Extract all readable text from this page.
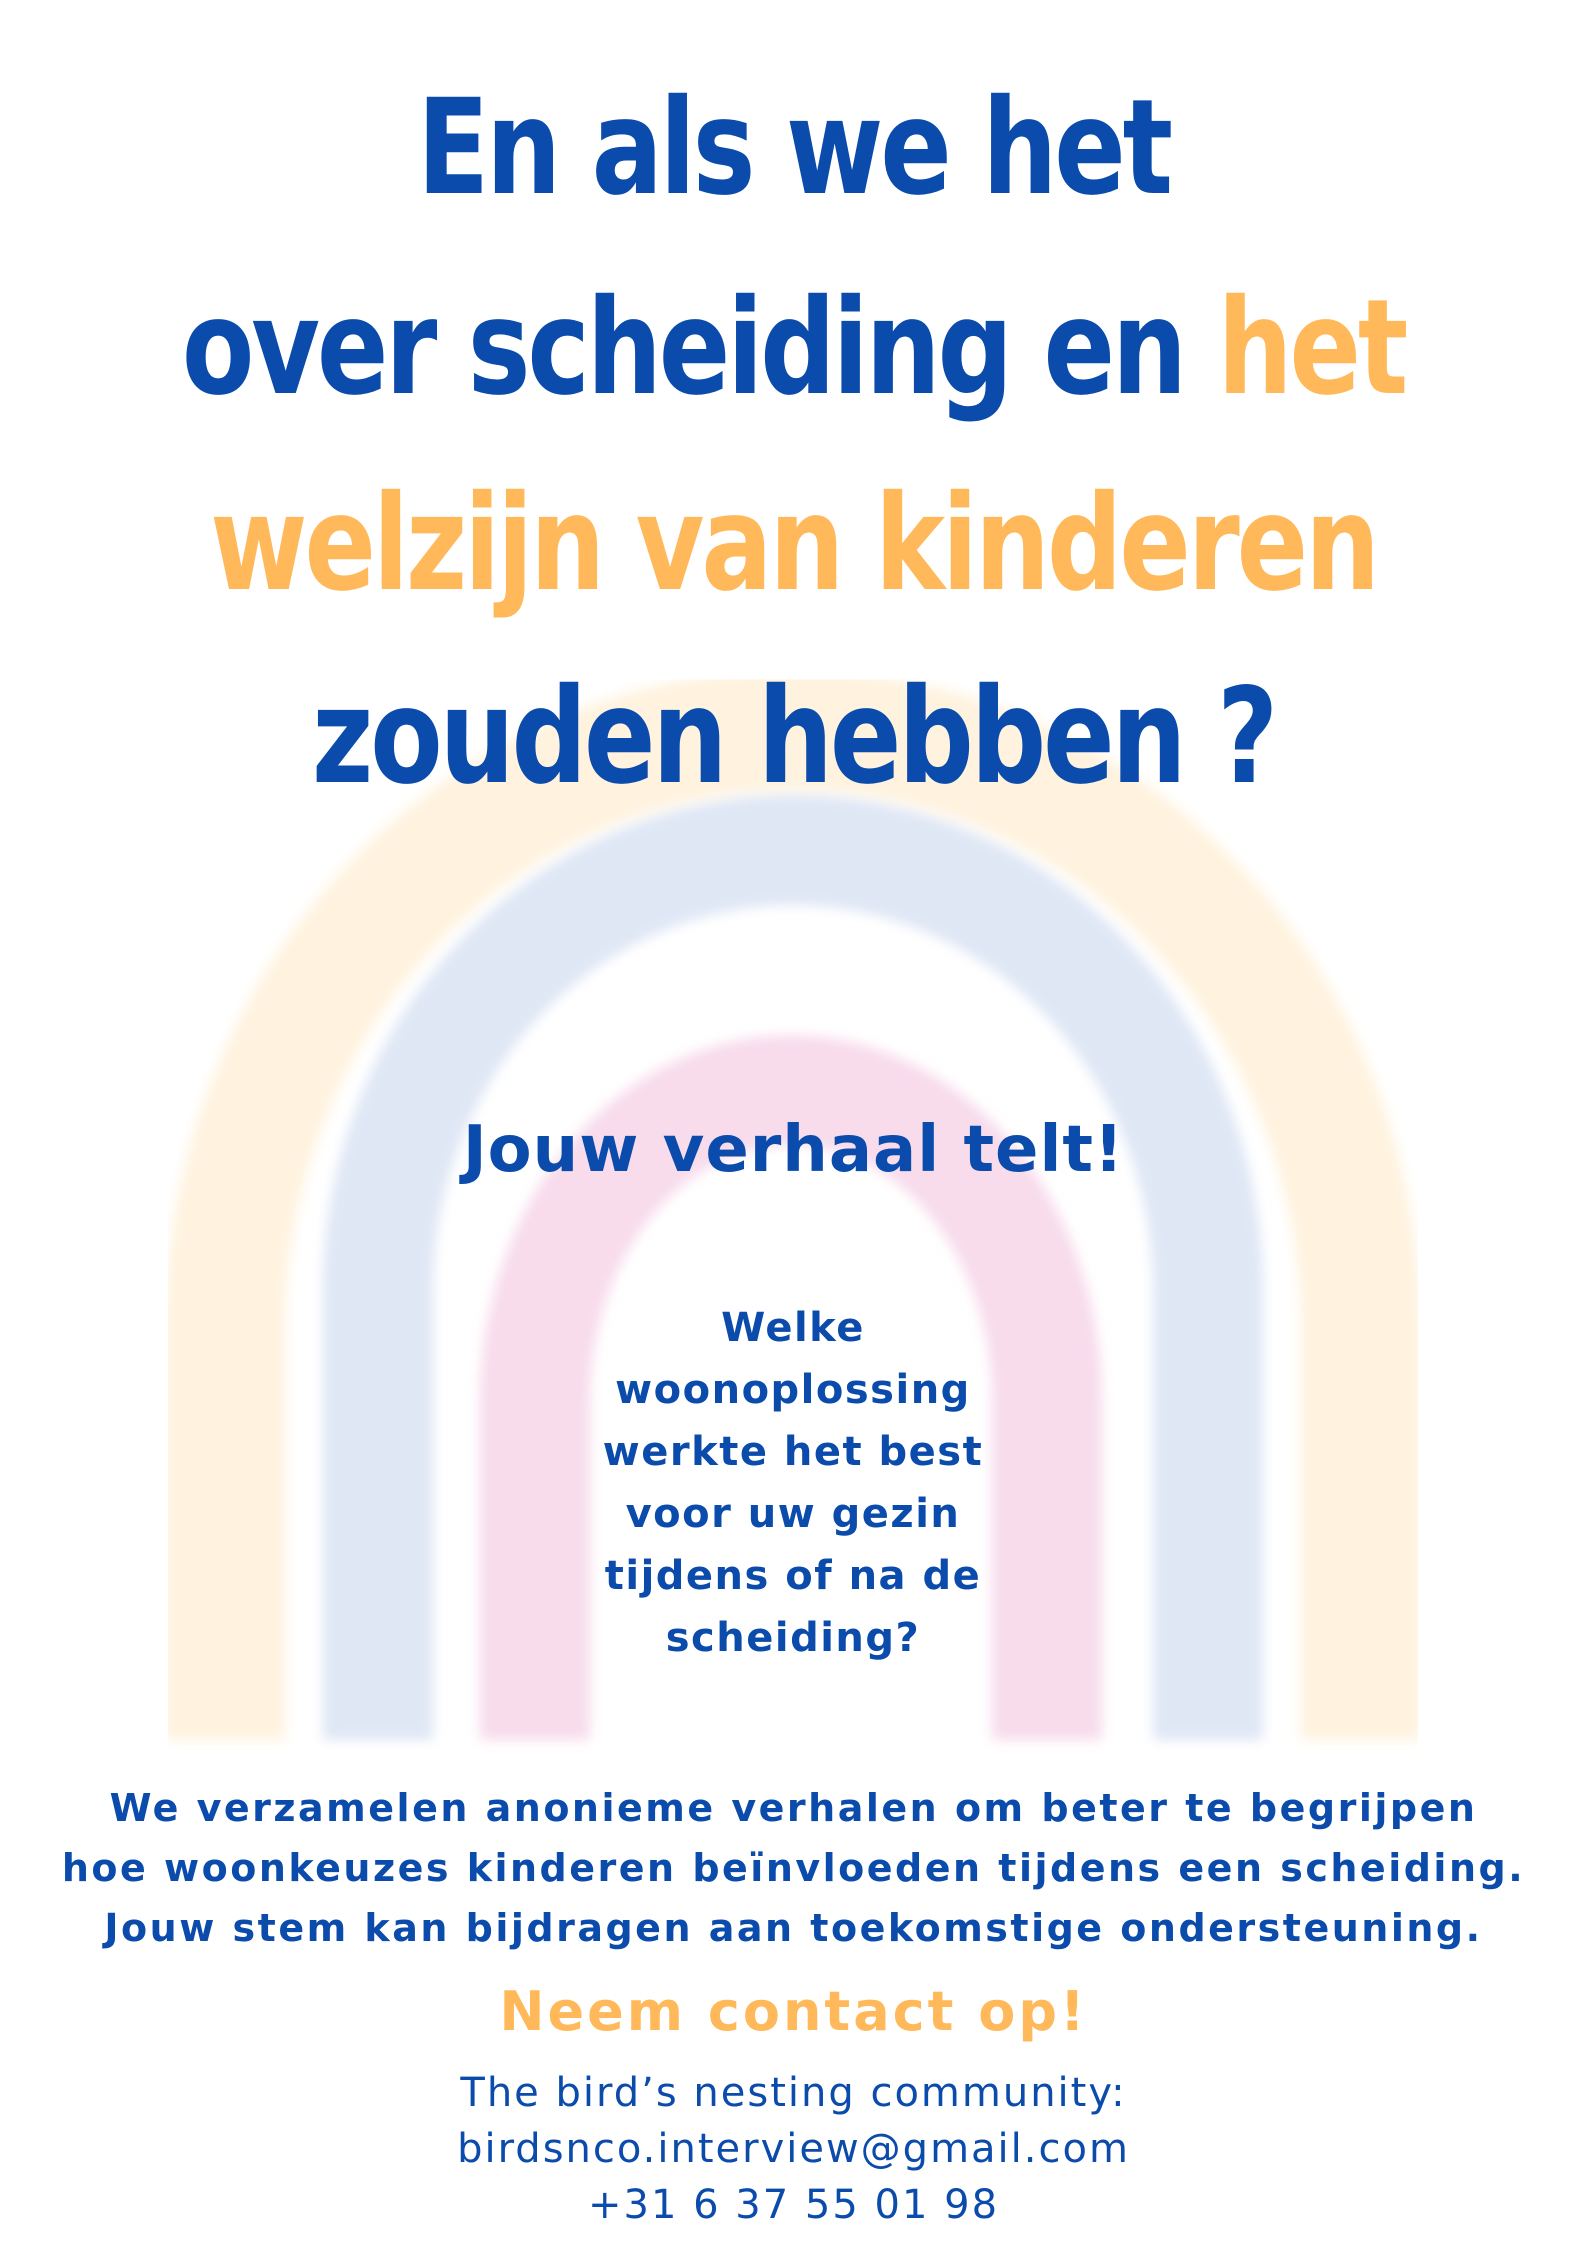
En als we het
over scheiding en het
welzijn van kinderen
zouden hebben ?
Jouw verhaal telt!
Welke
woonoplossing
werkte het best
voor uw gezin
tijdens of na de
scheiding?
We verzamelen anonieme verhalen om beter te begrijpen
hoe woonkeuzes kinderen beïnvloeden tijdens een scheiding.
Jouw stem kan bijdragen aan toekomstige ondersteuning.
Neem contact op!
The bird’s nesting community:
birdsnco.interview@gmail.com
+31 6 37 55 01 98
